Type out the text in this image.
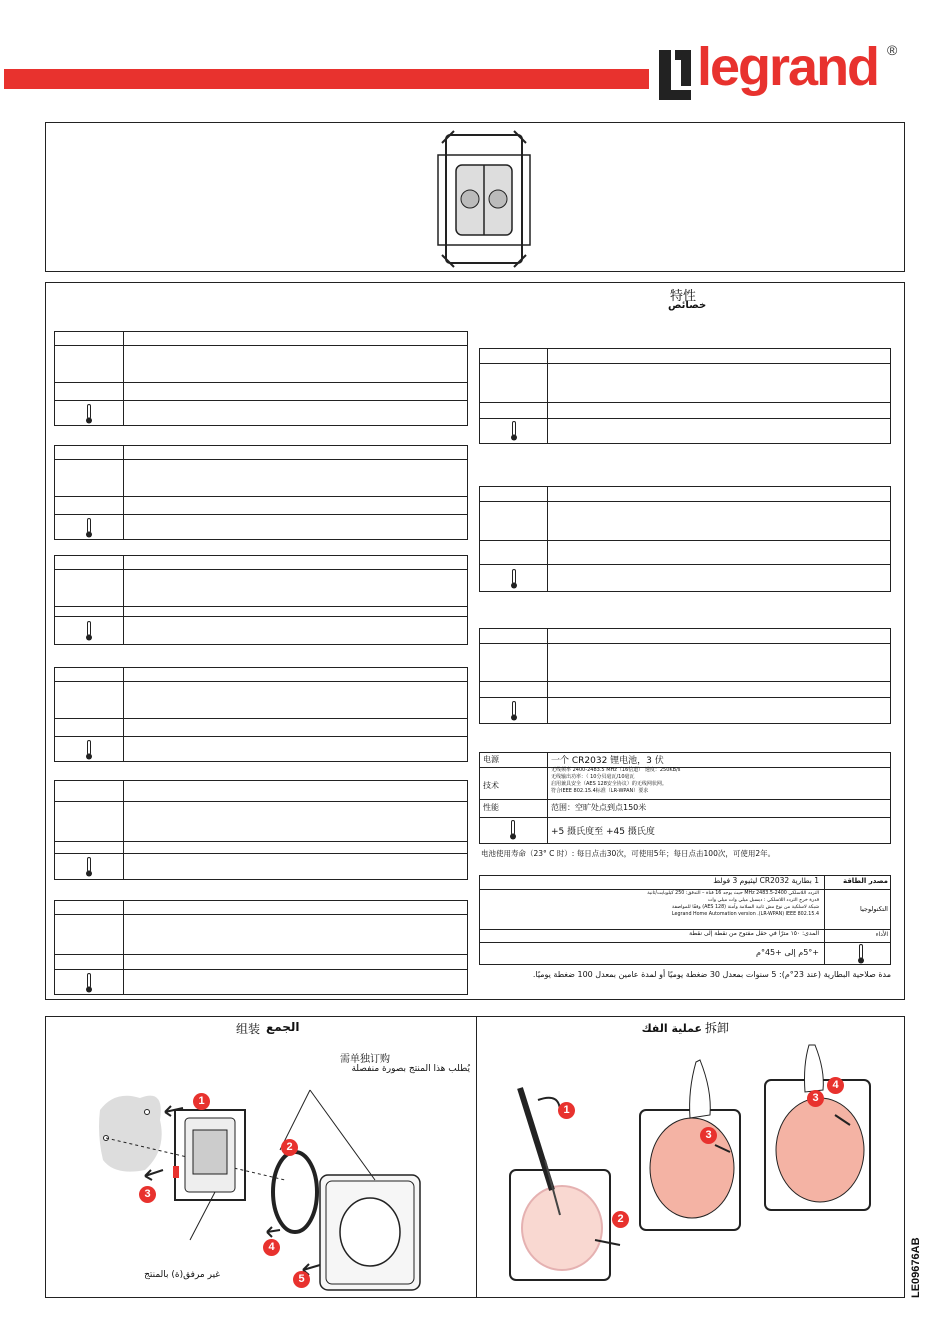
legrand ®
特性
خصائص
电源	一个 CR2032 锂电池，3 伏
技术
无线频率 2400-2483.5 MHz（16信道） 速度：250KB/s
无线输出功率：（ 10分贝毫瓦/10毫瓦
启用兼具安全（AES 128安全协议）的无线网状网。
符合IEEE 802.15.4标准（LR-WPAN）要求
性能	范围：空旷处点到点150米
+5 摄氏度至 +45 摄氏度
电池使用寿命（23° C 时）: 每日点击30次，可使用5年；每日点击100次，可使用2年。
مصدر الطاقة
1 بطارية CR2032 ليثيوم 3 فولط
التكنولوجيا
التردد اللاسلكي 2400-2483.5 MHz حيث يوجد 16 قناة – التدفق: 250 كيلوبايت/ثانية
قدرة خرج التردد اللاسلكي : ديسبل ميلي وات ميلي وات
شبكة لاسلكية من نوع مش ثانية السلامة وآمنة (AES 128) وفقًا للمواصفة
Legrand Home Automation version .(LR-WPAN) IEEE 802.15.4
الأداء
المدى: ١٥٠ مترًا في حقل مفتوح من نقطة إلى نقطة
+5°م إلى +45°م
مدة صلاحية البطارية (عند 23°م): 5 سنوات بمعدل 30 ضغطة يوميًا أو لمدة عامين بمعدل 100 ضغطة يوميًا.
组装 الجمع
需单独订购
يُطلب هذا المنتج بصورة منفصلة
غير مرفق(ة) بالمنتج
1
2
3
4
5
عملية الفك 拆卸
1
2
3
3
4
LE09676AB
